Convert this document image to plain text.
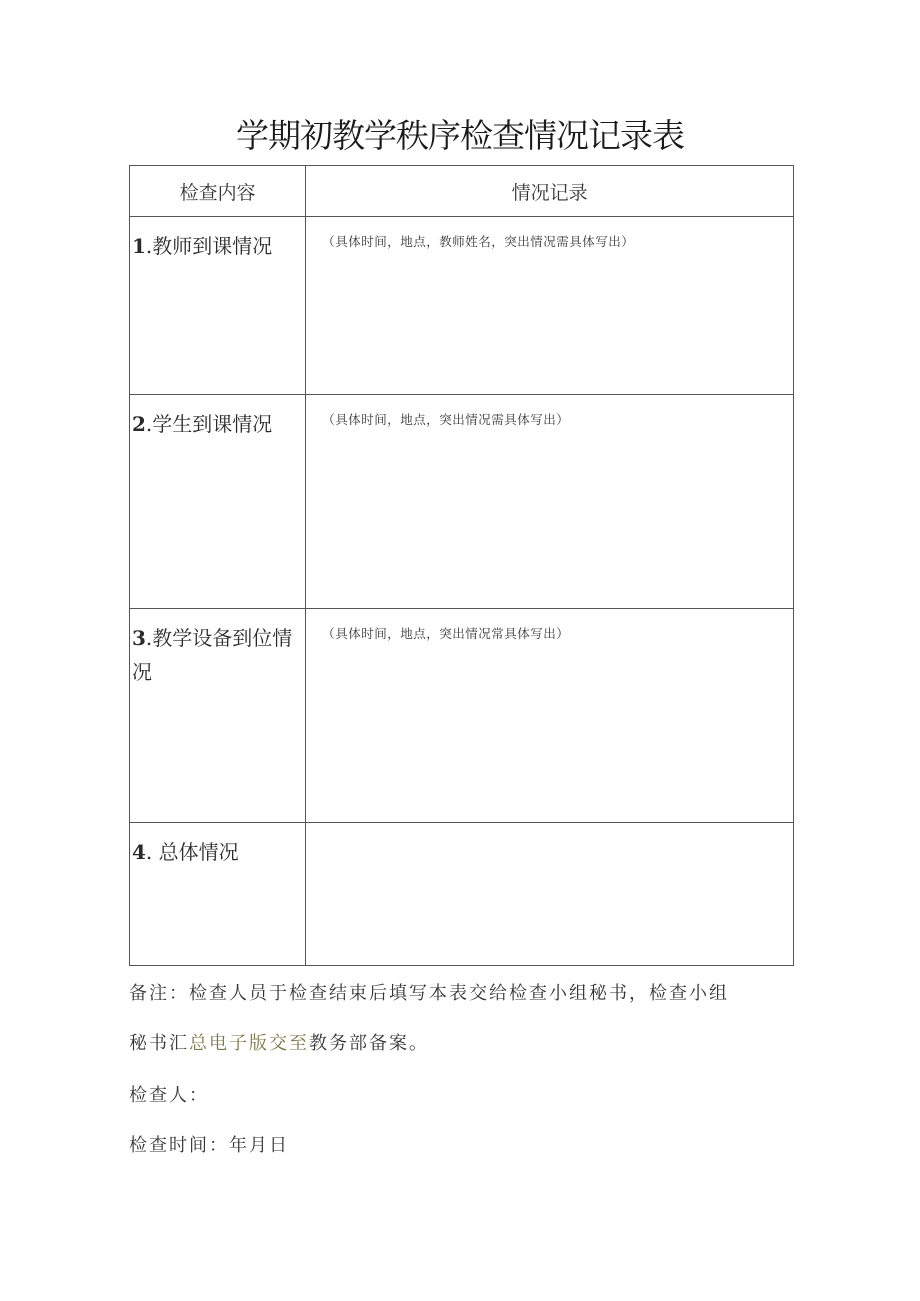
学期初教学秩序检查情况记录表
检查内容	情况记录

1.教师到课情况	（具体时间，地点，教师姓名，突出情况需具体写出）

2.学生到课情况	（具体时间，地点，突出情况需具体写出）

3.教学设备到位情况	（具体时间，地点，突出情况常具体写出）

4. 总体情况	

备注：检查人员于检查结束后填写本表交给检查小组秘书，检查小组
秘书汇总电子版交至教务部备案。
检查人：
检查时间：年月日
